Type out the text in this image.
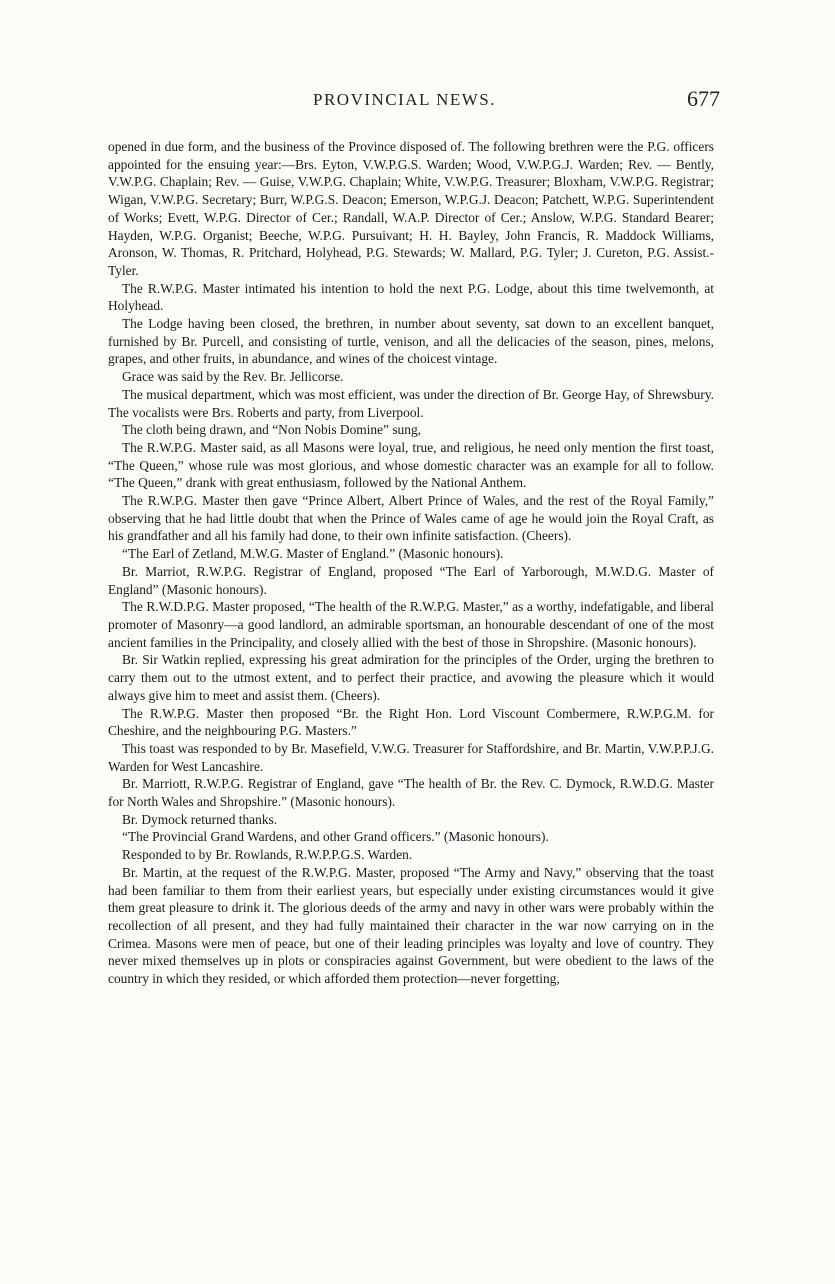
PROVINCIAL NEWS.	677

opened in due form, and the business of the Province disposed of. The following brethren were the P.G. officers appointed for the ensuing year:—Brs. Eyton, V.W.P.G.S. Warden; Wood, V.W.P.G.J. Warden; Rev. — Bently, V.W.P.G. Chaplain; Rev. — Guise, V.W.P.G. Chaplain; White, V.W.P.G. Treasurer; Bloxham, V.W.P.G. Registrar; Wigan, V.W.P.G. Secretary; Burr, W.P.G.S. Deacon; Emerson, W.P.G.J. Deacon; Patchett, W.P.G. Superintendent of Works; Evett, W.P.G. Director of Cer.; Randall, W.A.P. Director of Cer.; Anslow, W.P.G. Standard Bearer; Hayden, W.P.G. Organist; Beeche, W.P.G. Pursuivant; H. H. Bayley, John Francis, R. Maddock Williams, Aronson, W. Thomas, R. Pritchard, Holyhead, P.G. Stewards; W. Mallard, P.G. Tyler; J. Cureton, P.G. Assist.-Tyler.

The R.W.P.G. Master intimated his intention to hold the next P.G. Lodge, about this time twelvemonth, at Holyhead.

The Lodge having been closed, the brethren, in number about seventy, sat down to an excellent banquet, furnished by Br. Purcell, and consisting of turtle, venison, and all the delicacies of the season, pines, melons, grapes, and other fruits, in abundance, and wines of the choicest vintage.

Grace was said by the Rev. Br. Jellicorse.

The musical department, which was most efficient, was under the direction of Br. George Hay, of Shrewsbury. The vocalists were Brs. Roberts and party, from Liverpool.

The cloth being drawn, and “Non Nobis Domine” sung,

The R.W.P.G. Master said, as all Masons were loyal, true, and religious, he need only mention the first toast, “The Queen,” whose rule was most glorious, and whose domestic character was an example for all to follow. “The Queen,” drank with great enthusiasm, followed by the National Anthem.

The R.W.P.G. Master then gave “Prince Albert, Albert Prince of Wales, and the rest of the Royal Family,” observing that he had little doubt that when the Prince of Wales came of age he would join the Royal Craft, as his grandfather and all his family had done, to their own infinite satisfaction. (Cheers).

“The Earl of Zetland, M.W.G. Master of England.” (Masonic honours).

Br. Marriot, R.W.P.G. Registrar of England, proposed “The Earl of Yarborough, M.W.D.G. Master of England” (Masonic honours).

The R.W.D.P.G. Master proposed, “The health of the R.W.P.G. Master,” as a worthy, indefatigable, and liberal promoter of Masonry—a good landlord, an admirable sportsman, an honourable descendant of one of the most ancient families in the Principality, and closely allied with the best of those in Shropshire. (Masonic honours).

Br. Sir Watkin replied, expressing his great admiration for the principles of the Order, urging the brethren to carry them out to the utmost extent, and to perfect their practice, and avowing the pleasure which it would always give him to meet and assist them. (Cheers).

The R.W.P.G. Master then proposed “Br. the Right Hon. Lord Viscount Combermere, R.W.P.G.M. for Cheshire, and the neighbouring P.G. Masters.”

This toast was responded to by Br. Masefield, V.W.G. Treasurer for Staffordshire, and Br. Martin, V.W.P.P.J.G. Warden for West Lancashire.

Br. Marriott, R.W.P.G. Registrar of England, gave “The health of Br. the Rev. C. Dymock, R.W.D.G. Master for North Wales and Shropshire.” (Masonic honours).

Br. Dymock returned thanks.

“The Provincial Grand Wardens, and other Grand officers.” (Masonic honours).

Responded to by Br. Rowlands, R.W.P.P.G.S. Warden.

Br. Martin, at the request of the R.W.P.G. Master, proposed “The Army and Navy,” observing that the toast had been familiar to them from their earliest years, but especially under existing circumstances would it give them great pleasure to drink it. The glorious deeds of the army and navy in other wars were probably within the recollection of all present, and they had fully maintained their character in the war now carrying on in the Crimea. Masons were men of peace, but one of their leading principles was loyalty and love of country. They never mixed themselves up in plots or conspiracies against Government, but were obedient to the laws of the country in which they resided, or which afforded them protection—never forgetting,
